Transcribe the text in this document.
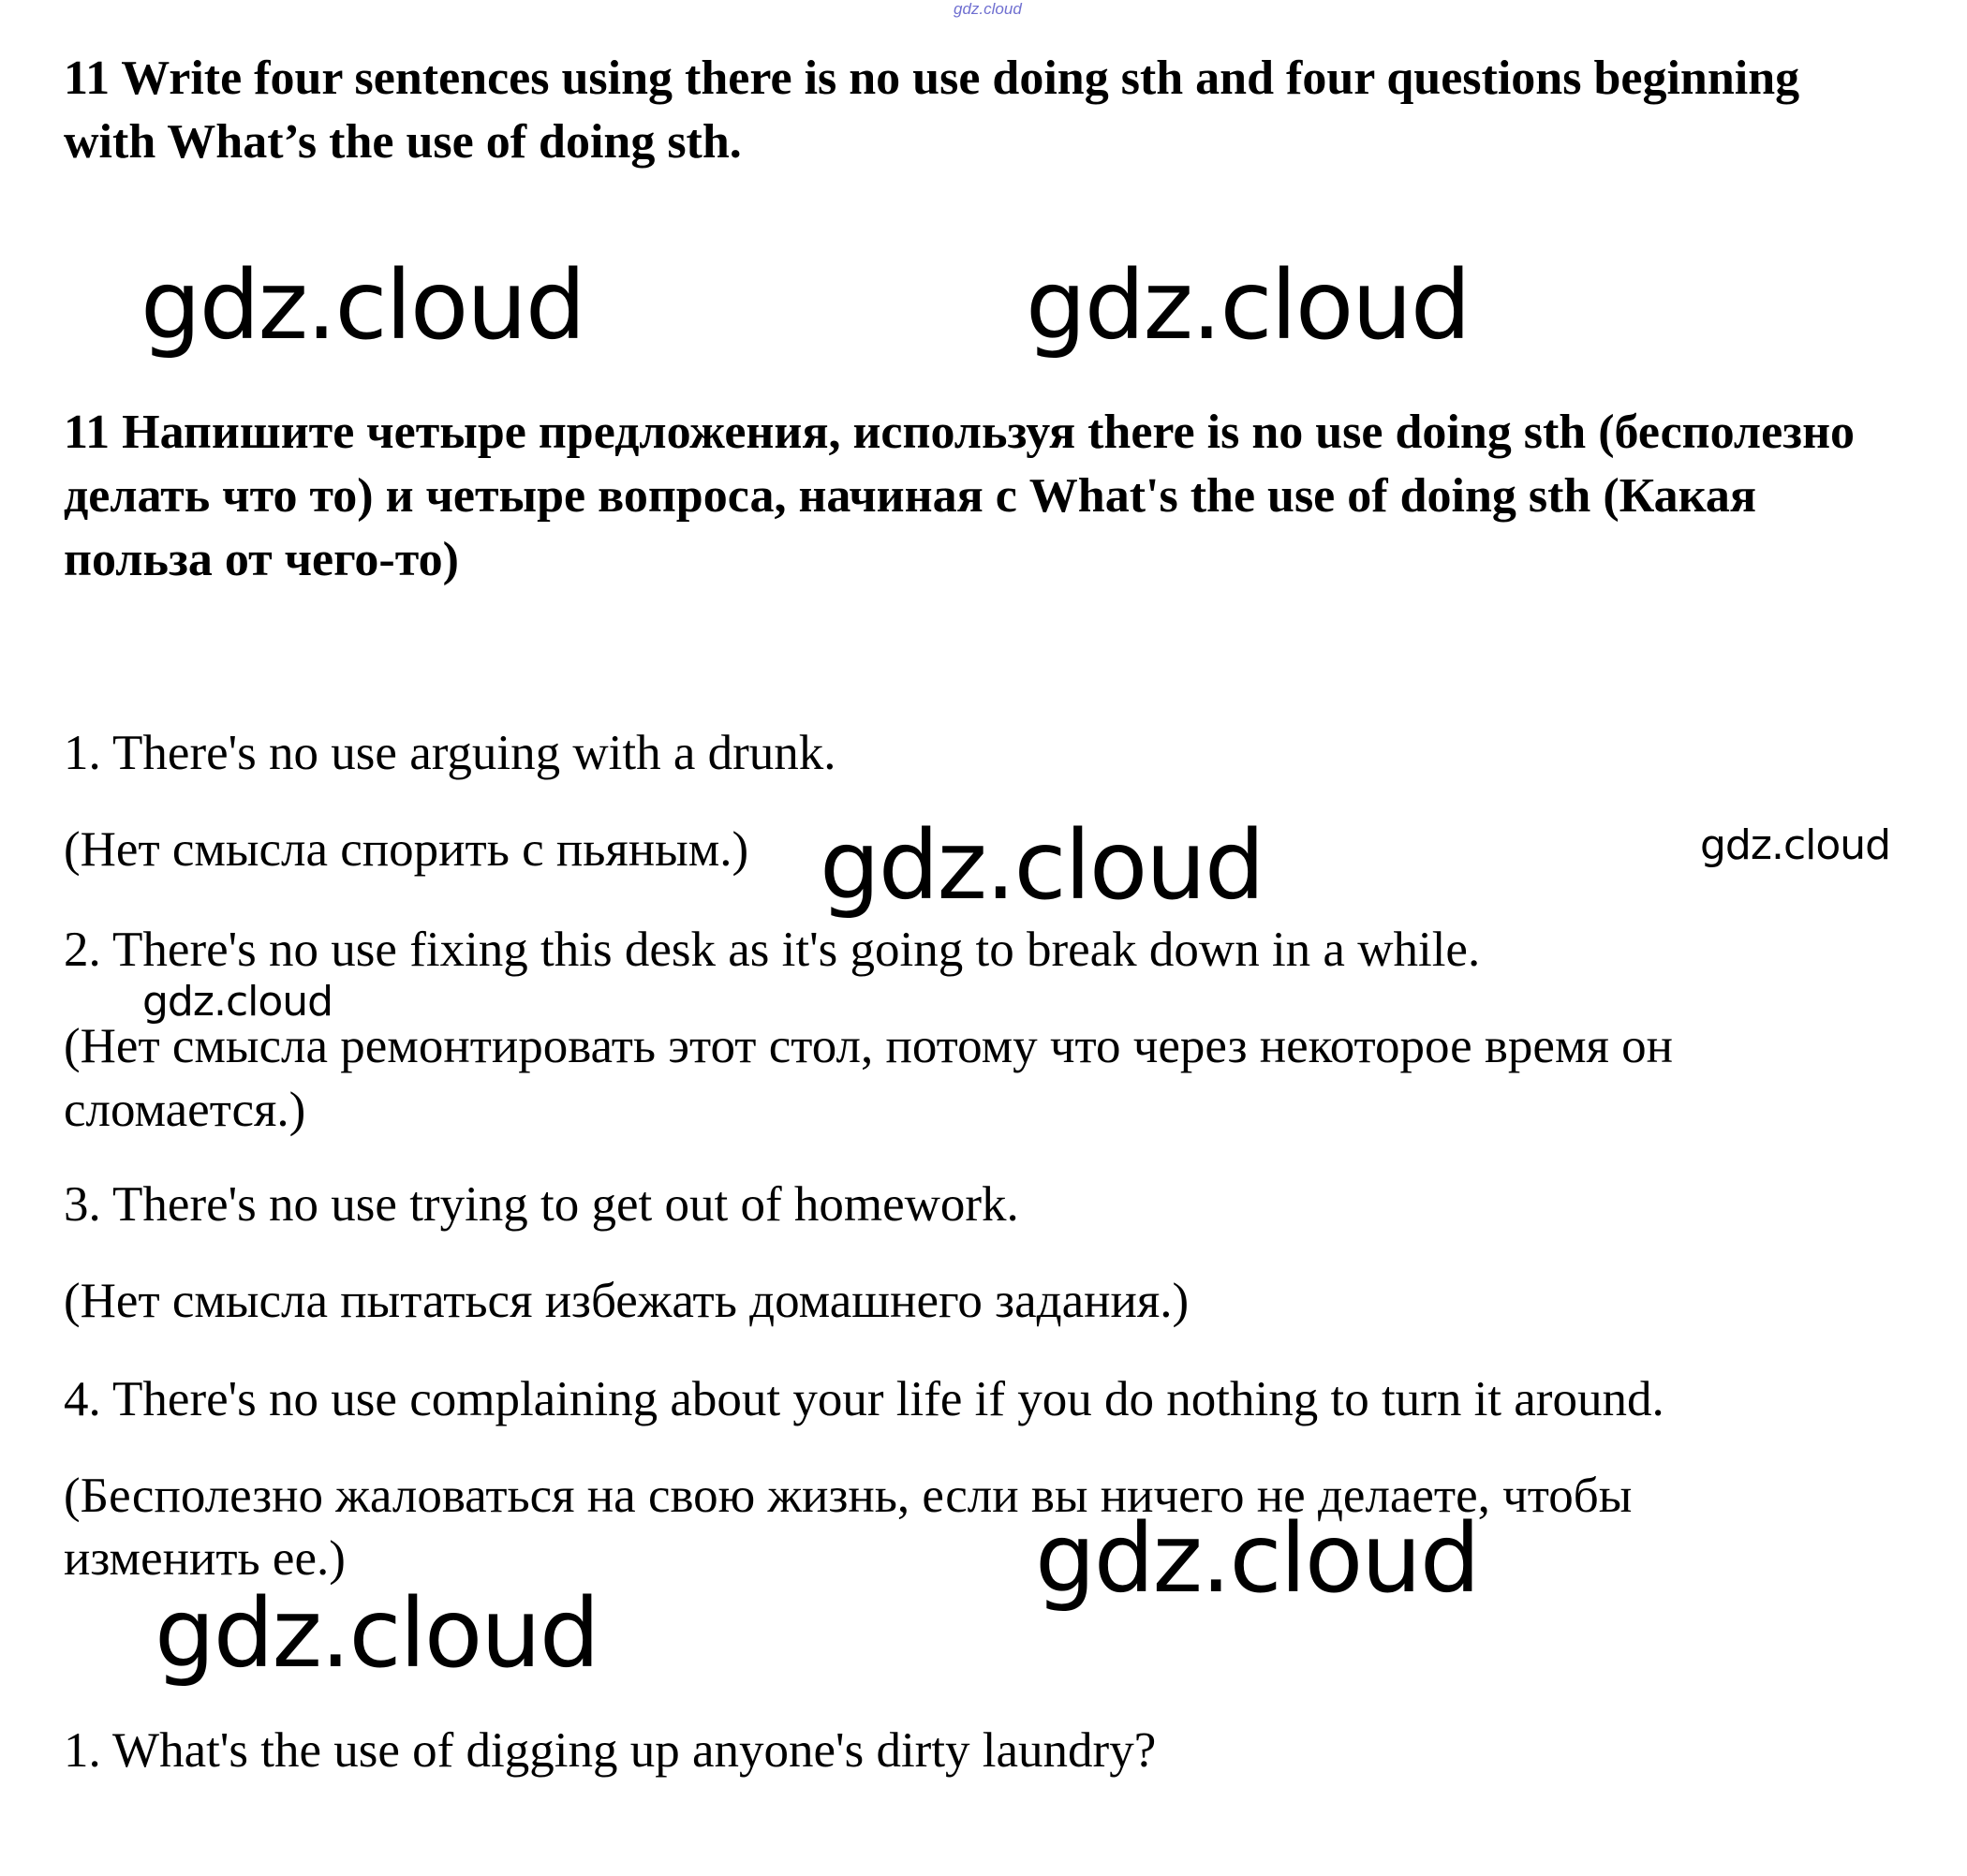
gdz.cloud
11 Write four sentences using there is no use doing sth and four questions beginning with What’s the use of doing sth.
gdz.cloud	gdz.cloud
11 Напишите четыре предложения, используя there is no use doing sth (бесполезно делать что то) и четыре вопроса, начиная с What's the use of doing sth (Какая польза от чего-то)
1. There's no use arguing with a drunk.
(Нет смысла спорить с пьяным.) gdz.cloud	gdz.cloud
2. There's no use fixing this desk as it's going to break down in a while.
(Нет смысла ремонтировать этот стол, потому что через некоторое время он
сломается.)
gdz.cloud
3. There's no use trying to get out of homework.
(Нет смысла пытаться избежать домашнего задания.)
4. There's no use complaining about your life if you do nothing to turn it around.
(Бесполезно жаловаться на свою жизнь, если вы ничего не делаете, чтобы
изменить ее.)	gdz.cloud
gdz.cloud
1. What's the use of digging up anyone's dirty laundry?
